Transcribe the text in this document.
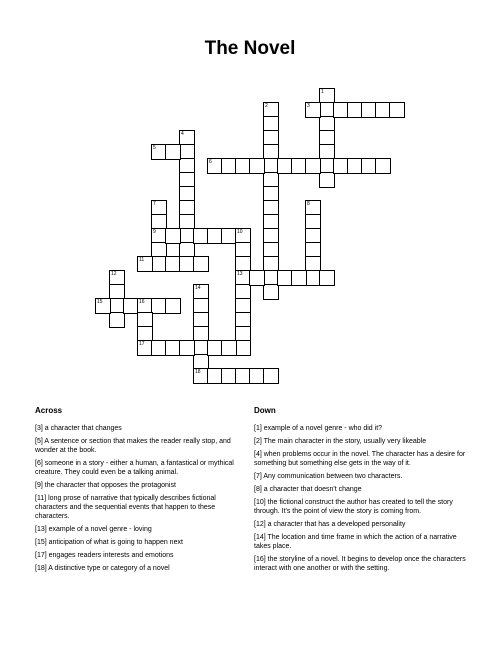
The Novel
1
2	3
4
5
6
7
9
8
10
13
11
12
14
15	16
17
18
Across	Down
[3] a character that changes
[5] A sentence or section that makes the reader really stop, and wonder at the book.
[6] someone in a story - either a human, a fantastical or mythical creature. They could even be a talking animal.
[9] the character that opposes the protagonist
[11] long prose of narrative that typically describes fictional characters and the sequential events that happen to these characters.
[13] example of a novel genre - loving
[15] anticipation of what is going to happen next
[17] engages readers interests and emotions
[18] A distinctive type or category of a novel
[1] example of a novel genre - who did it?
[2] The main character in the story, usually very likeable
[4] when problems occur in the novel. The character has a desire for something but something else gets in the way of it.
[7] Any communication between two characters.
[8] a character that doesn't change
[10] the fictional construct the author has created to tell the story through. It's the point of view the story is coming from.
[12] a character that has a developed personality
[14] The location and time frame in which the action of a narrative takes place.
[16] the storyline of a novel. It begins to develop once the characters interact with one another or with the setting.
